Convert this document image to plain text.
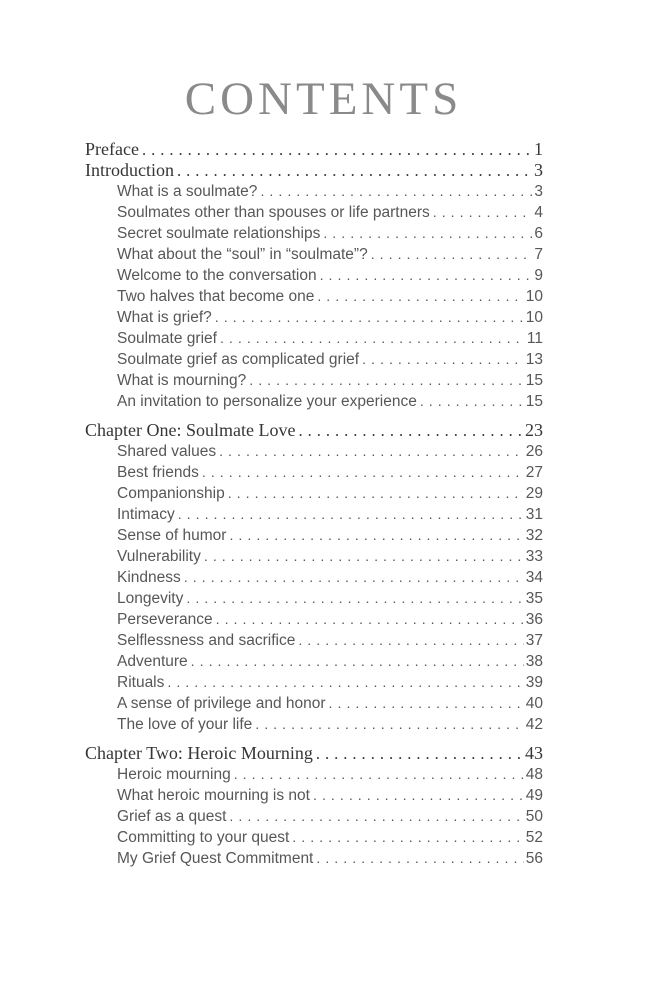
CONTENTS
Preface .....	1
Introduction .....	3
What is a soulmate? .....	3
Soulmates other than spouses or life partners .....	4
Secret soulmate relationships .....	6
What about the “soul” in “soulmate”? .....	7
Welcome to the conversation .....	9
Two halves that become one .....	10
What is grief? .....	10
Soulmate grief .....	11
Soulmate grief as complicated grief .....	13
What is mourning? .....	15
An invitation to personalize your experience .....	15
Chapter One: Soulmate Love .....	23
Shared values .....	26
Best friends .....	27
Companionship .....	29
Intimacy .....	31
Sense of humor .....	32
Vulnerability .....	33
Kindness .....	34
Longevity .....	35
Perseverance .....	36
Selflessness and sacrifice .....	37
Adventure .....	38
Rituals .....	39
A sense of privilege and honor .....	40
The love of your life .....	42
Chapter Two: Heroic Mourning .....	43
Heroic mourning .....	48
What heroic mourning is not .....	49
Grief as a quest .....	50
Committing to your quest .....	52
My Grief Quest Commitment .....	56
